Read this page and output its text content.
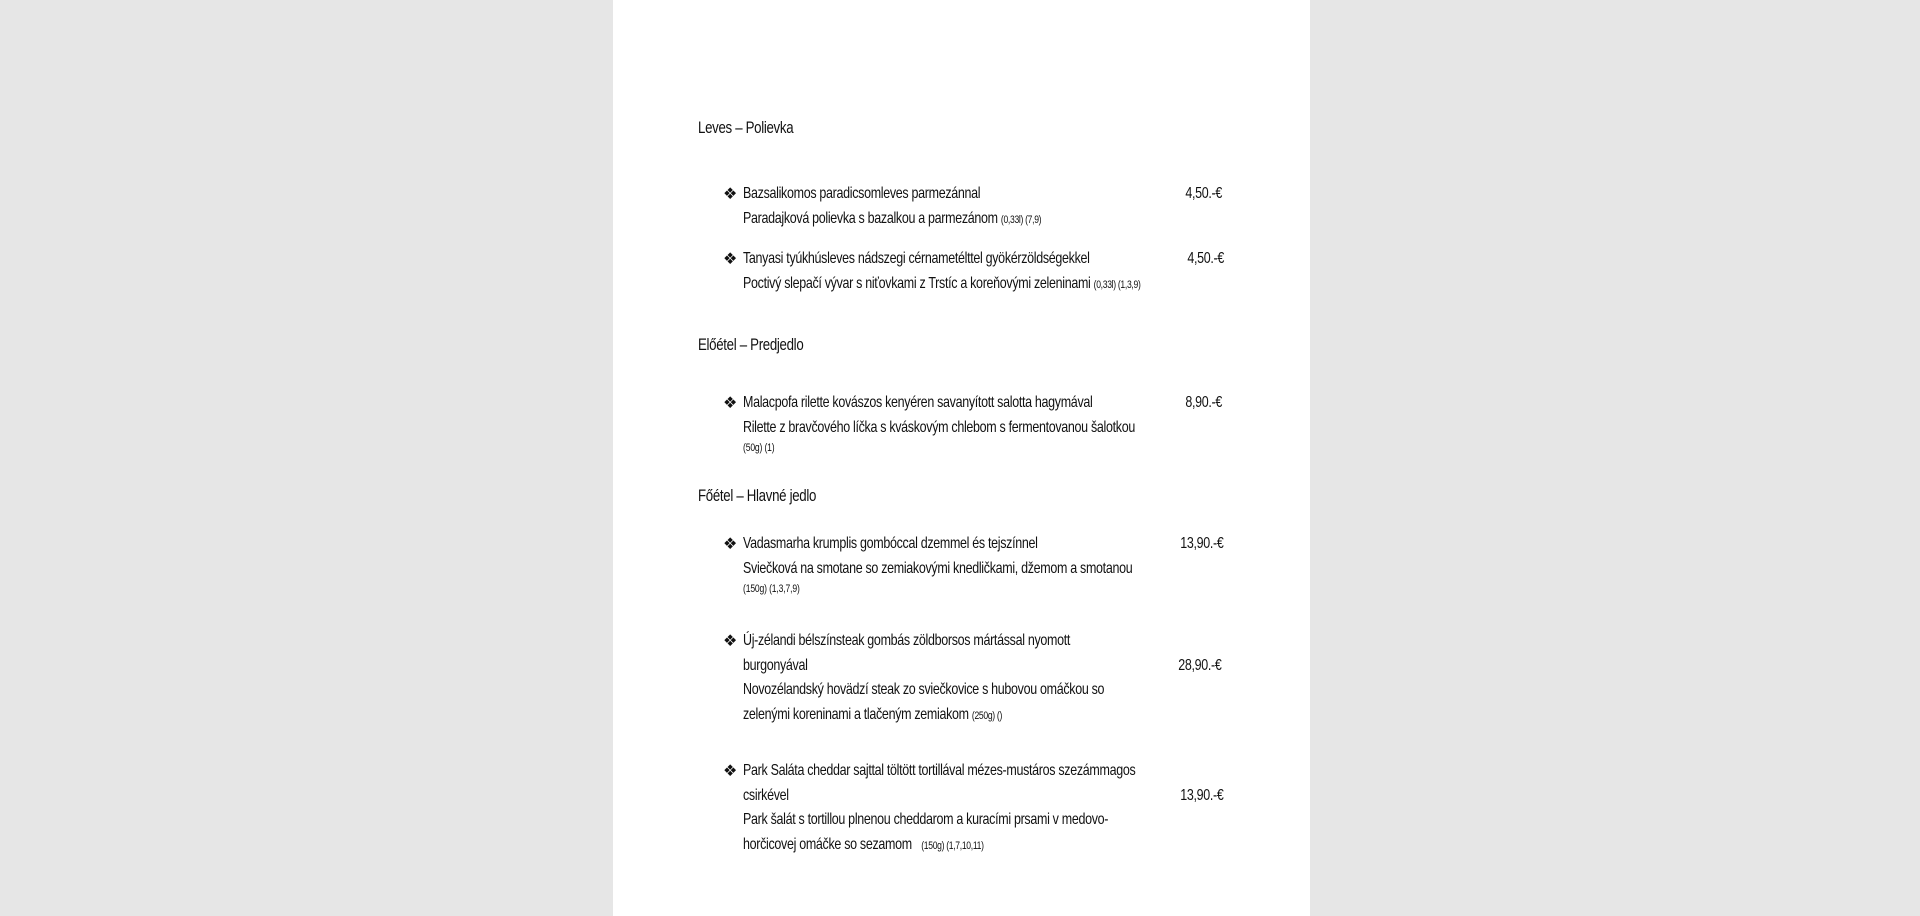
Leves – Polievka
❖ Bazsalikomos paradicsomleves parmezánnal	4,50.-€
Paradajková polievka s bazalkou a parmezánom (0,33l) (7,9)
❖ Tanyasi tyúkhúsleves nádszegi cérnametélttel gyökérzöldségekkel	4,50.-€
Poctivý slepačí vývar s niťovkami z Trstíc a koreňovými zeleninami (0,33l) (1,3,9)
Előétel – Predjedlo
❖ Malacpofa rilette kovászos kenyéren savanyított salotta hagymával	8,90.-€
Rilette z bravčového líčka s kváskovým chlebom s fermentovanou šalotkou
(50g) (1)
Főétel – Hlavné jedlo
❖ Vadasmarha krumplis gombóccal dzemmel és tejszínnel	13,90.-€
Sviečková na smotane so zemiakovými knedličkami, džemom a smotanou
(150g) (1,3,7,9)
❖ Új-zélandi bélszínsteak gombás zöldborsos mártással nyomott
burgonyával	28,90.-€
Novozélandský hovädzí steak zo sviečkovice s hubovou omáčkou so
zelenými koreninami a tlačeným zemiakom (250g) ()
❖ Park Saláta cheddar sajttal töltött tortillával mézes-mustáros szezámmagos
csirkével	13,90.-€
Park šalát s tortillou plnenou cheddarom a kuracími prsami v medovo-
horčicovej omáčke so sezamom (150g) (1,7,10,11)
